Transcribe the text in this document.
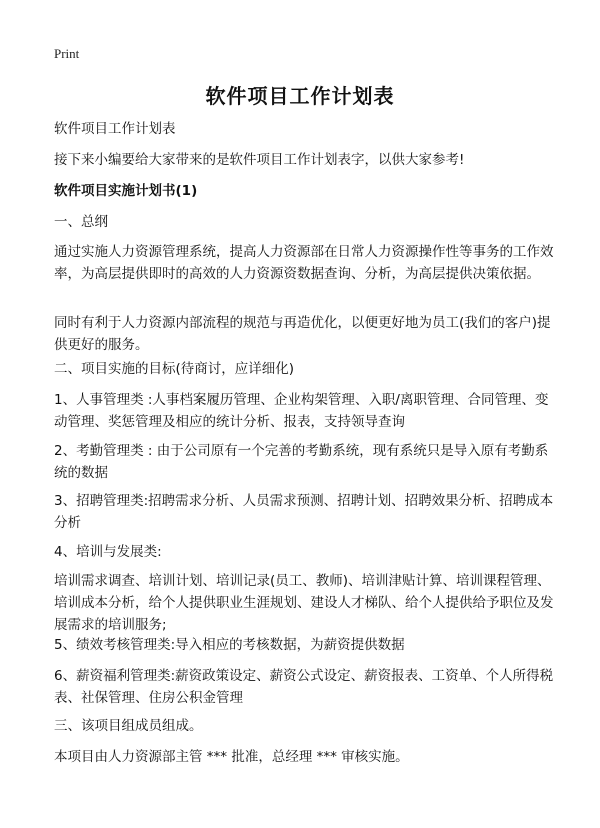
Print
软件项目工作计划表

软件项目工作计划表

接下来小编要给大家带来的是软件项目工作计划表字，以供大家参考!

软件项目实施计划书(1)

一、总纲

通过实施人力资源管理系统，提高人力资源部在日常人力资源操作性等事务的工作效率，为高层提供即时的高效的人力资源资数据查询、分析，为高层提供决策依据。

同时有利于人力资源内部流程的规范与再造优化，以便更好地为员工(我们的客户)提供更好的服务。

二、项目实施的目标(待商讨，应详细化)

1、人事管理类 :人事档案履历管理、企业构架管理、入职/离职管理、合同管理、变动管理、奖惩管理及相应的统计分析、报表，支持领导查询

2、考勤管理类 : 由于公司原有一个完善的考勤系统，现有系统只是导入原有考勤系统的数据

3、招聘管理类:招聘需求分析、人员需求预测、招聘计划、招聘效果分析、招聘成本分析

4、培训与发展类:

培训需求调查、培训计划、培训记录(员工、教师)、培训津贴计算、培训课程管理、培训成本分析，给个人提供职业生涯规划、建设人才梯队、给个人提供给予职位及发展需求的培训服务;

5、绩效考核管理类:导入相应的考核数据，为薪资提供数据

6、薪资福利管理类:薪资政策设定、薪资公式设定、薪资报表、工资单、个人所得税表、社保管理、住房公积金管理

三、该项目组成员组成。

本项目由人力资源部主管 *** 批准，总经理 *** 审核实施。
